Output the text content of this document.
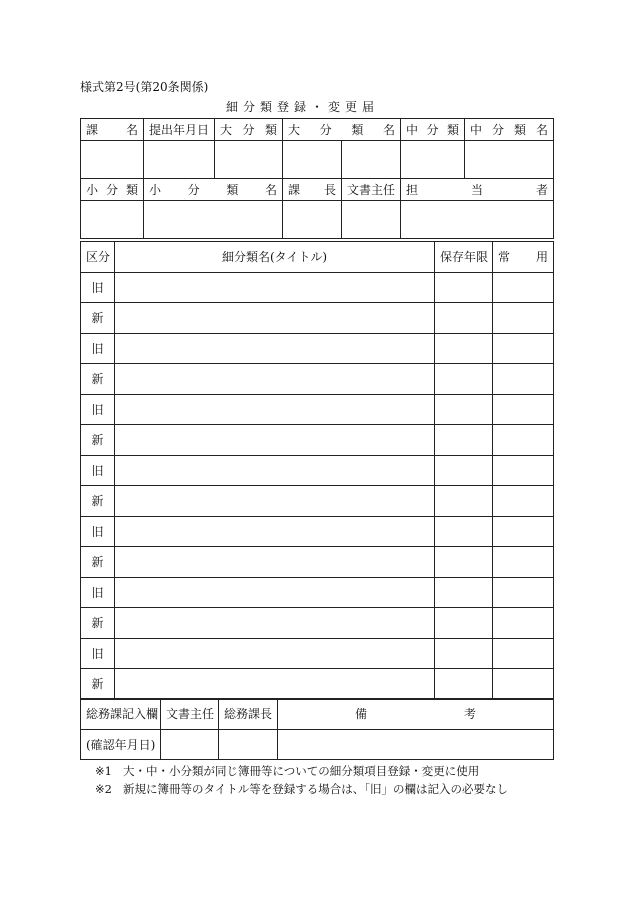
様式第2号(第20条関係)
細分類登録・変更届
課名	提出年月日	大分類	大分類名		中分類	中分類名

小分類	小分類名		課長	文書主任	担当者	

区分	細分類名(タイトル)	保存年限	常用
旧			
新			
旧			
新			
旧			
新			
旧			
新			
旧			
新			
旧			
新			
旧			
新			
総務課記入欄	文書主任	総務課長	備考

(確認年月日)			
※1 大・中・小分類が同じ簿冊等についての細分類項目登録・変更に使用
※2 新規に簿冊等のタイトル等を登録する場合は、「旧」の欄は記入の必要なし
